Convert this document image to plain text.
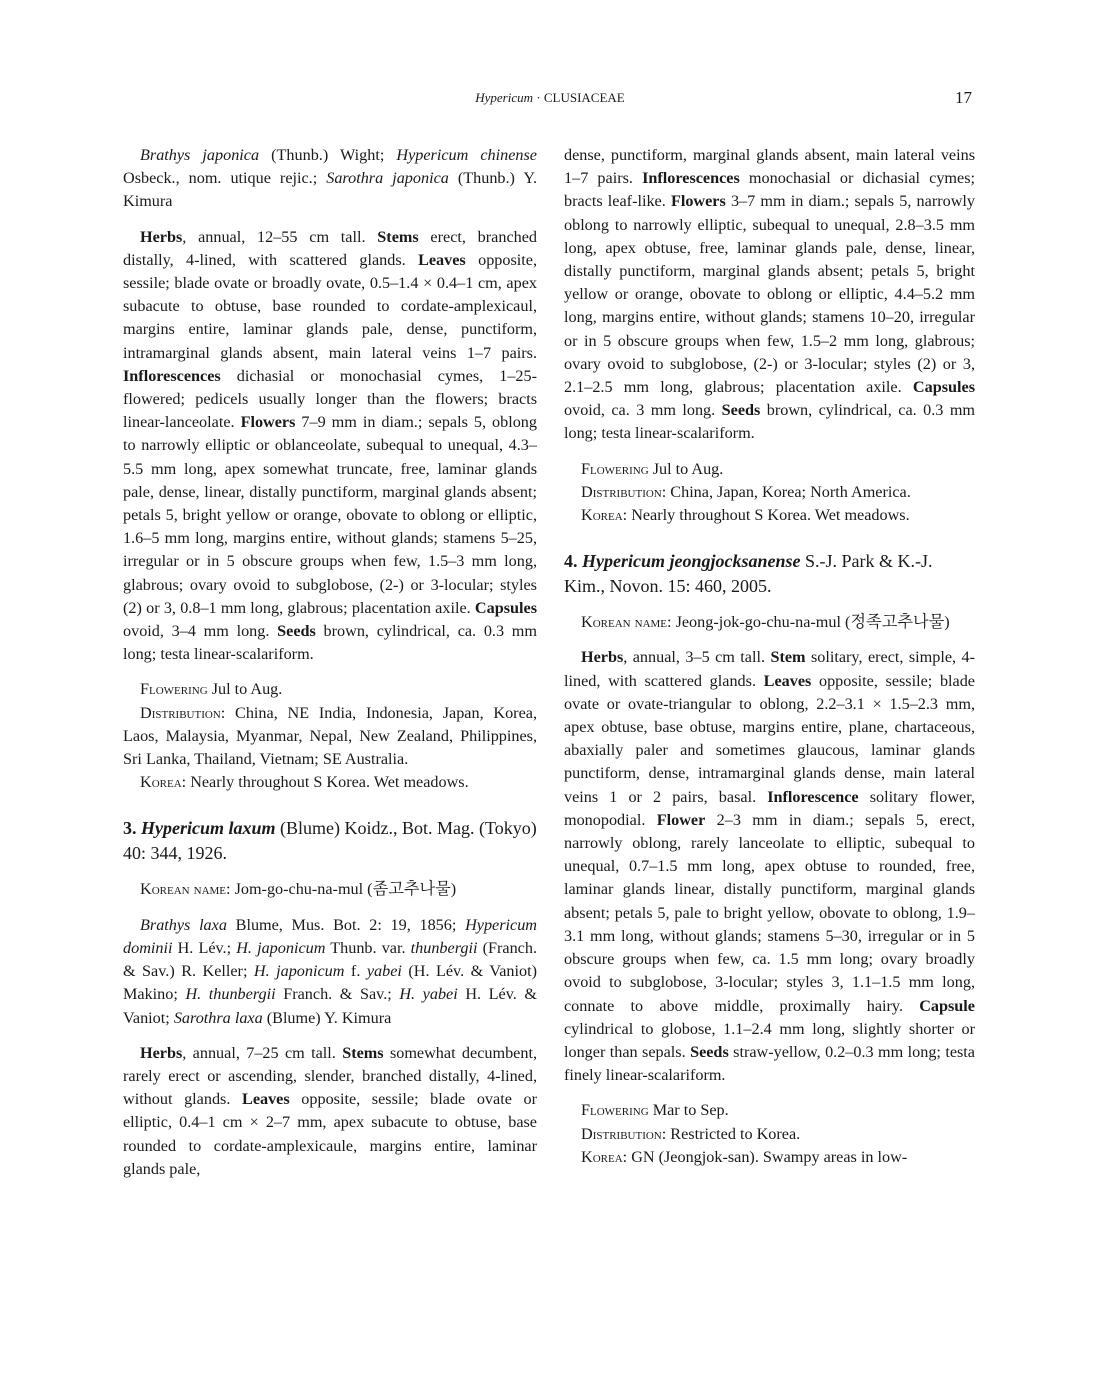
Hypericum · CLUSIACEAE	17

Brathys japonica (Thunb.) Wight; Hypericum chinense Osbeck., nom. utique rejic.; Sarothra japonica (Thunb.) Y. Kimura

Herbs, annual, 12–55 cm tall. Stems erect, branched distally, 4-lined, with scattered glands. Leaves opposite, sessile; blade ovate or broadly ovate, 0.5–1.4 × 0.4–1 cm, apex subacute to obtuse, base rounded to cordate-amplexicaul, margins entire, laminar glands pale, dense, punctiform, intramarginal glands absent, main lateral veins 1–7 pairs. Inflorescences dichasial or monochasial cymes, 1–25-flowered; pedicels usually longer than the flowers; bracts linear-lanceolate. Flowers 7–9 mm in diam.; sepals 5, oblong to narrowly elliptic or oblanceolate, subequal to unequal, 4.3–5.5 mm long, apex somewhat truncate, free, laminar glands pale, dense, linear, distally punctiform, marginal glands absent; petals 5, bright yellow or orange, obovate to oblong or elliptic, 1.6–5 mm long, margins entire, without glands; stamens 5–25, irregular or in 5 obscure groups when few, 1.5–3 mm long, glabrous; ovary ovoid to subglobose, (2-) or 3-locular; styles (2) or 3, 0.8–1 mm long, glabrous; placentation axile. Capsules ovoid, 3–4 mm long. Seeds brown, cylindrical, ca. 0.3 mm long; testa linear-scalariform.

Flowering Jul to Aug.

Distribution: China, NE India, Indonesia, Japan, Korea, Laos, Malaysia, Myanmar, Nepal, New Zealand, Philippines, Sri Lanka, Thailand, Vietnam; SE Australia.

Korea: Nearly throughout S Korea. Wet meadows.

3. Hypericum laxum (Blume) Koidz., Bot. Mag. (Tokyo) 40: 344, 1926.

Korean name: Jom-go-chu-na-mul (좀고추나물)

Brathys laxa Blume, Mus. Bot. 2: 19, 1856; Hypericum dominii H. Lév.; H. japonicum Thunb. var. thunbergii (Franch. & Sav.) R. Keller; H. japonicum f. yabei (H. Lév. & Vaniot) Makino; H. thunbergii Franch. & Sav.; H. yabei H. Lév. & Vaniot; Sarothra laxa (Blume) Y. Kimura

Herbs, annual, 7–25 cm tall. Stems somewhat decumbent, rarely erect or ascending, slender, branched distally, 4-lined, without glands. Leaves opposite, sessile; blade ovate or elliptic, 0.4–1 cm × 2–7 mm, apex subacute to obtuse, base rounded to cordate-amplexicaule, margins entire, laminar glands pale,

dense, punctiform, marginal glands absent, main lateral veins 1–7 pairs. Inflorescences monochasial or dichasial cymes; bracts leaf-like. Flowers 3–7 mm in diam.; sepals 5, narrowly oblong to narrowly elliptic, subequal to unequal, 2.8–3.5 mm long, apex obtuse, free, laminar glands pale, dense, linear, distally punctiform, marginal glands absent; petals 5, bright yellow or orange, obovate to oblong or elliptic, 4.4–5.2 mm long, margins entire, without glands; stamens 10–20, irregular or in 5 obscure groups when few, 1.5–2 mm long, glabrous; ovary ovoid to subglobose, (2-) or 3-locular; styles (2) or 3, 2.1–2.5 mm long, glabrous; placentation axile. Capsules ovoid, ca. 3 mm long. Seeds brown, cylindrical, ca. 0.3 mm long; testa linear-scalariform.

Flowering Jul to Aug.

Distribution: China, Japan, Korea; North America.

Korea: Nearly throughout S Korea. Wet meadows.

4. Hypericum jeongjocksanense S.-J. Park & K.-J. Kim., Novon. 15: 460, 2005.

Korean name: Jeong-jok-go-chu-na-mul (정족고추나물)

Herbs, annual, 3–5 cm tall. Stem solitary, erect, simple, 4-lined, with scattered glands. Leaves opposite, sessile; blade ovate or ovate-triangular to oblong, 2.2–3.1 × 1.5–2.3 mm, apex obtuse, base obtuse, margins entire, plane, chartaceous, abaxially paler and sometimes glaucous, laminar glands punctiform, dense, intramarginal glands dense, main lateral veins 1 or 2 pairs, basal. Inflorescence solitary flower, monopodial. Flower 2–3 mm in diam.; sepals 5, erect, narrowly oblong, rarely lanceolate to elliptic, subequal to unequal, 0.7–1.5 mm long, apex obtuse to rounded, free, laminar glands linear, distally punctiform, marginal glands absent; petals 5, pale to bright yellow, obovate to oblong, 1.9–3.1 mm long, without glands; stamens 5–30, irregular or in 5 obscure groups when few, ca. 1.5 mm long; ovary broadly ovoid to subglobose, 3-locular; styles 3, 1.1–1.5 mm long, connate to above middle, proximally hairy. Capsule cylindrical to globose, 1.1–2.4 mm long, slightly shorter or longer than sepals. Seeds straw-yellow, 0.2–0.3 mm long; testa finely linear-scalariform.

Flowering Mar to Sep.

Distribution: Restricted to Korea.

Korea: GN (Jeongjok-san). Swampy areas in low-
